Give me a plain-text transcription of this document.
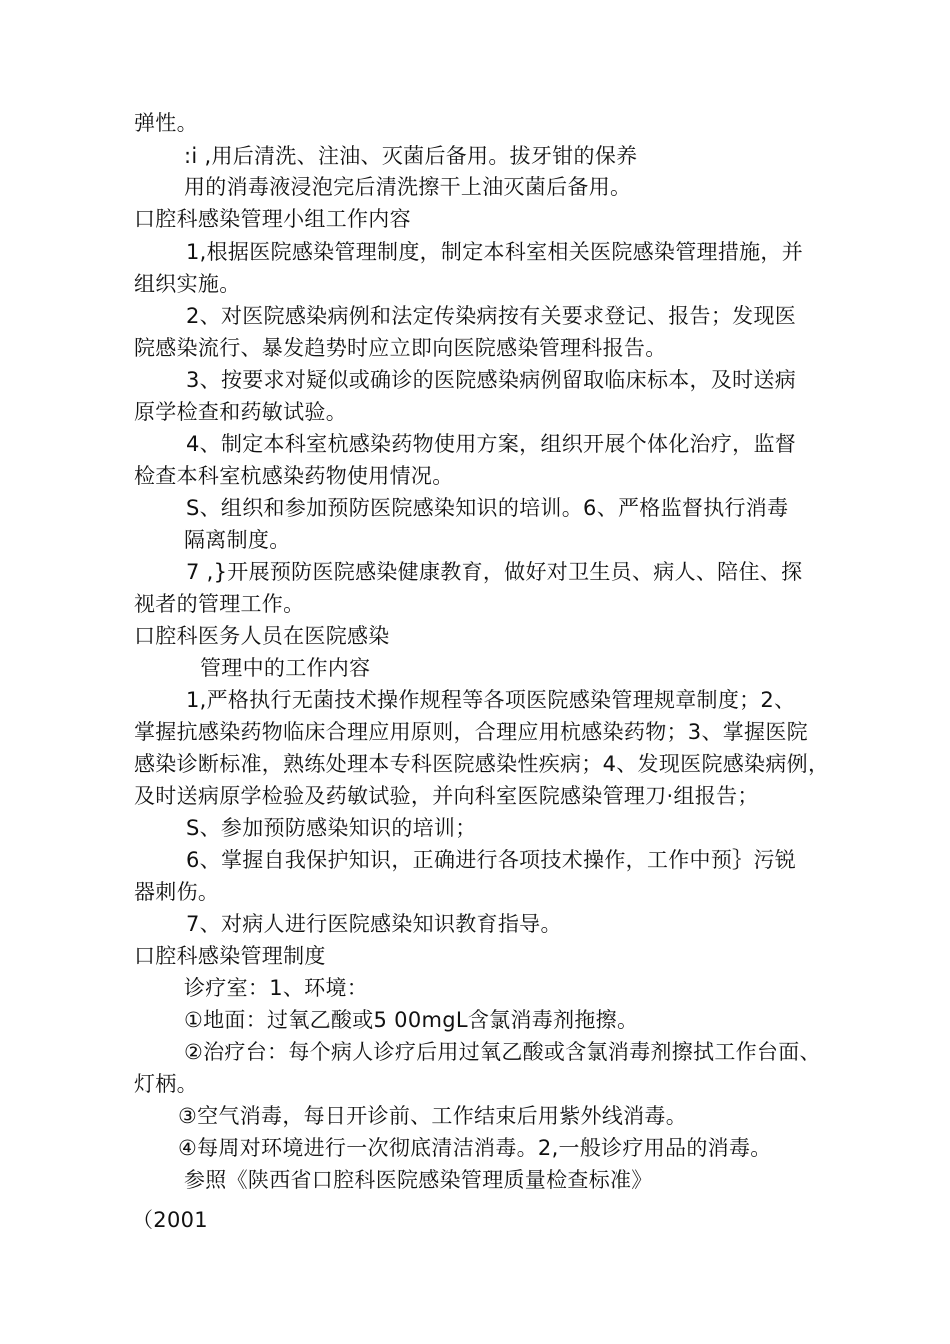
弹性。
:i ,用后清洗、注油、灭菌后备用。拔牙钳的保养
用的消毒液浸泡完后清洗擦干上油灭菌后备用。
口腔科感染管理小组工作内容
1,根据医院感染管理制度，制定本科室相关医院感染管理措施，并
组织实施。
2、对医院感染病例和法定传染病按有关要求登记、报告；发现医
院感染流行、暴发趋势时应立即向医院感染管理科报告。
3、按要求对疑似或确诊的医院感染病例留取临床标本，及时送病
原学检查和药敏试验。
4、制定本科室杭感染药物使用方案，组织开展个体化治疗，监督
检查本科室杭感染药物使用情况。
S、组织和参加预防医院感染知识的培训。6、严格监督执行消毒
隔离制度。
7 ,}开展预防医院感染健康教育，做好对卫生员、病人、陪住、探
视者的管理工作。
口腔科医务人员在医院感染
管理中的工作内容
1,严格执行无菌技术操作规程等各项医院感染管理规章制度；2、
掌握抗感染药物临床合理应用原则，合理应用杭感染药物；3、掌握医院
感染诊断标准，熟练处理本专科医院感染性疾病；4、发现医院感染病例，
及时送病原学检验及药敏试验，并向科室医院感染管理刀·组报告；
S、参加预防感染知识的培训；
6、掌握自我保护知识，正确进行各项技术操作，工作中预｝污锐
器刺伤。
7、对病人进行医院感染知识教育指导。
口腔科感染管理制度
诊疗室：1、环境：
①地面：过氧乙酸或5 00mgL含氯消毒剂拖擦。
②治疗台：每个病人诊疗后用过氧乙酸或含氯消毒剂擦拭工作台面、
灯柄。
③空气消毒，每日开诊前、工作结束后用紫外线消毒。
④每周对环境进行一次彻底清洁消毒。2,一般诊疗用品的消毒。
参照《陕西省口腔科医院感染管理质量检查标准》
（2001
